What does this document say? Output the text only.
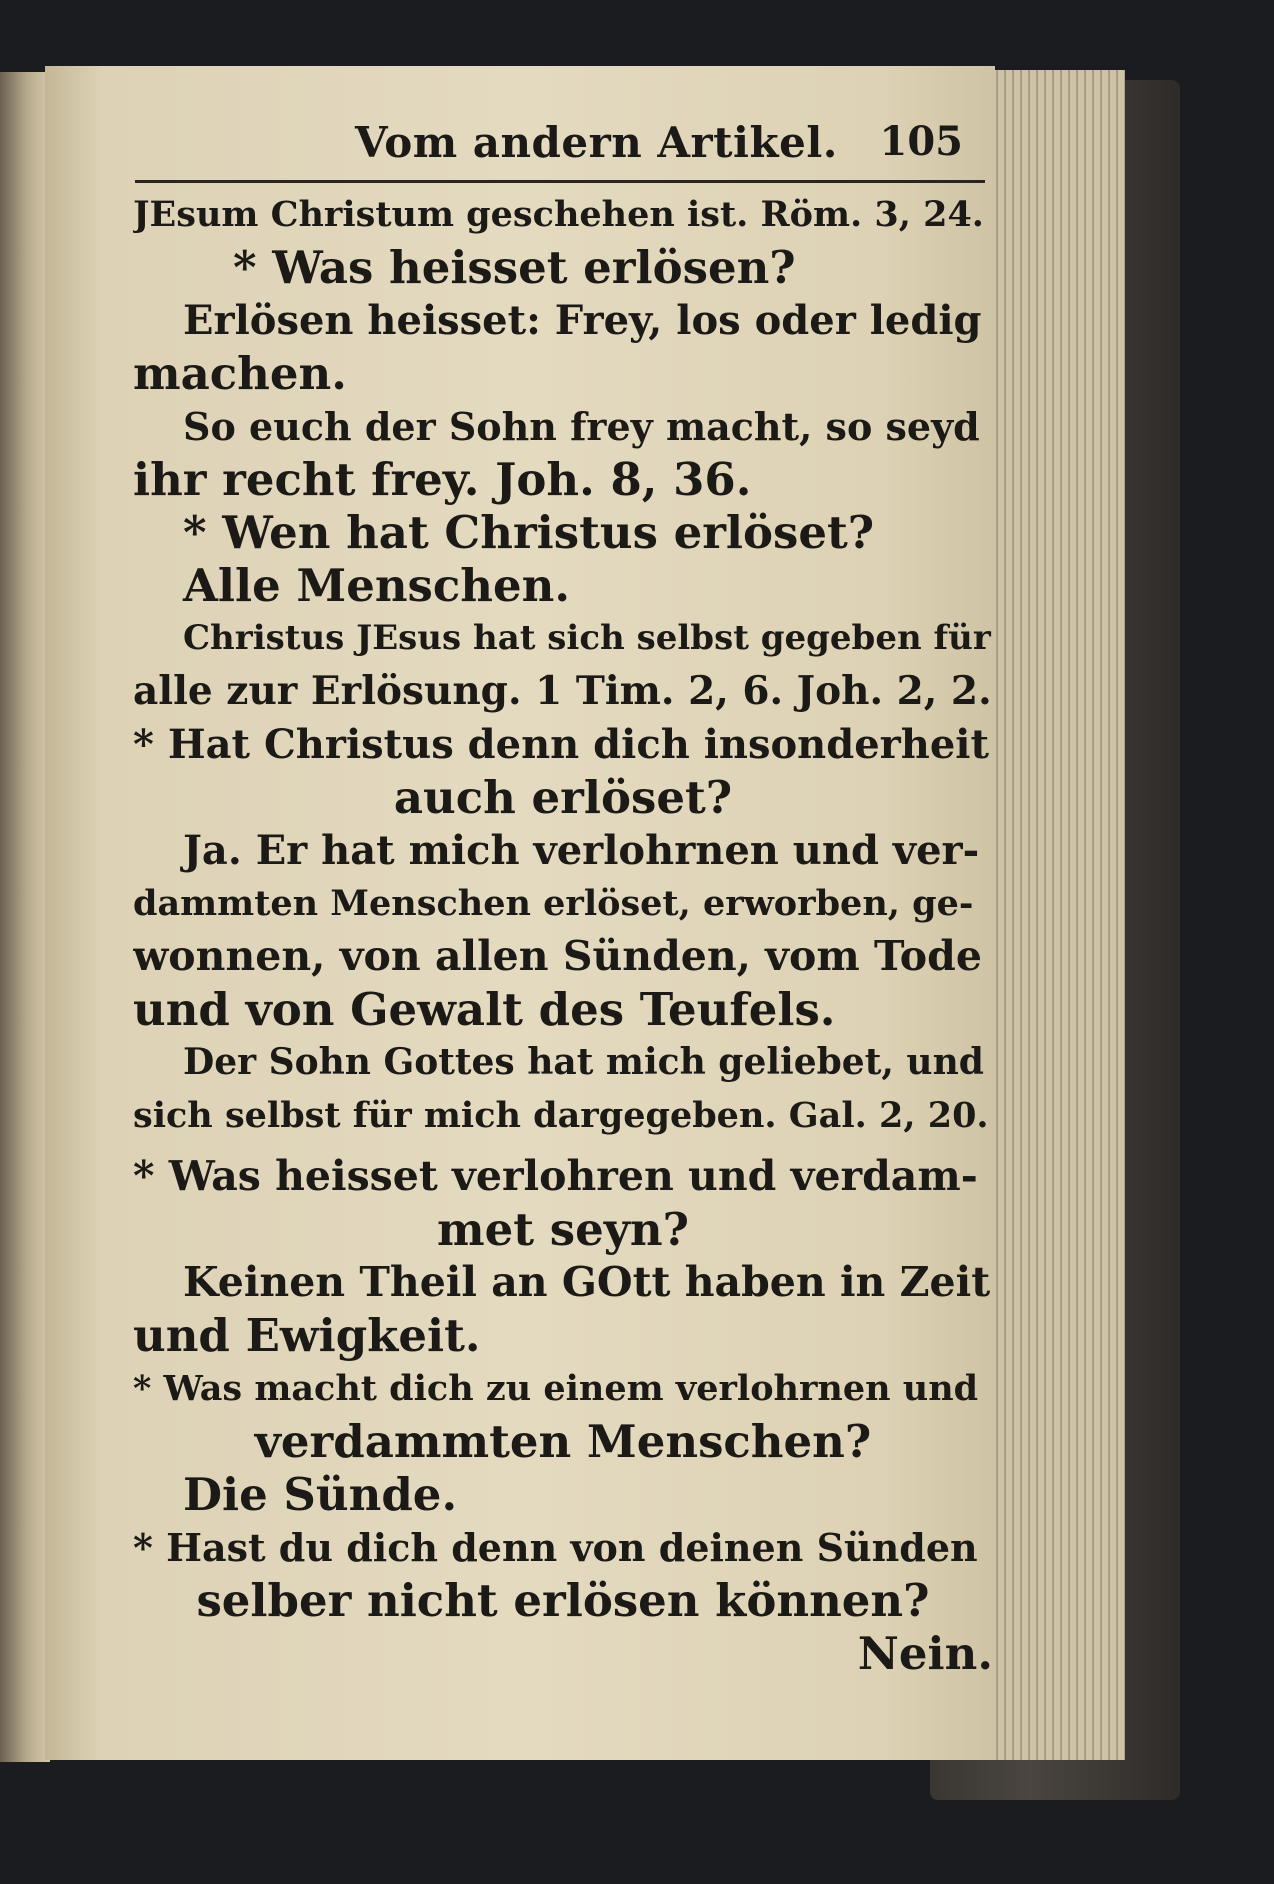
Vom andern Artikel. 105
JEsum Christum geschehen ist. Röm. 3, 24.
* Was heisset erlösen?
Erlösen heisset: Frey, los oder ledig
machen.
So euch der Sohn frey macht, so seyd
ihr recht frey. Joh. 8, 36.
* Wen hat Christus erlöset?
Alle Menschen.
Christus JEsus hat sich selbst gegeben für
alle zur Erlösung. 1 Tim. 2, 6. Joh. 2, 2.
* Hat Christus denn dich insonderheit
auch erlöset?
Ja. Er hat mich verlohrnen und ver-
dammten Menschen erlöset, erworben, ge-
wonnen, von allen Sünden, vom Tode
und von Gewalt des Teufels.
Der Sohn Gottes hat mich geliebet, und
sich selbst für mich dargegeben. Gal. 2, 20.
* Was heisset verlohren und verdam-
met seyn?
Keinen Theil an GOtt haben in Zeit
und Ewigkeit.
* Was macht dich zu einem verlohrnen und
verdammten Menschen?
Die Sünde.
* Hast du dich denn von deinen Sünden
selber nicht erlösen können?
Nein.
